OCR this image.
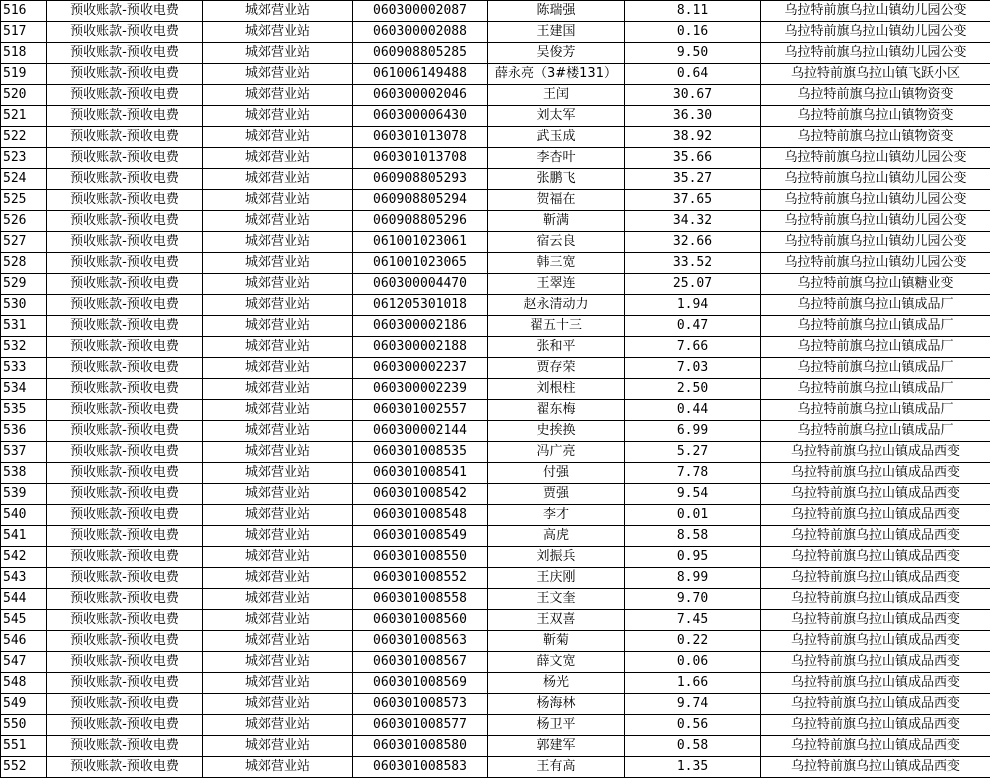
516	预收账款-预收电费	城郊营业站	060300002087	陈瑞强	8.11	乌拉特前旗乌拉山镇幼儿园公变
517	预收账款-预收电费	城郊营业站	060300002088	王建国	0.16	乌拉特前旗乌拉山镇幼儿园公变
518	预收账款-预收电费	城郊营业站	060908805285	吴俊芳	9.50	乌拉特前旗乌拉山镇幼儿园公变
519	预收账款-预收电费	城郊营业站	061006149488	薛永亮（3#楼131）	0.64	乌拉特前旗乌拉山镇飞跃小区
520	预收账款-预收电费	城郊营业站	060300002046	王闰	30.67	乌拉特前旗乌拉山镇物资变
521	预收账款-预收电费	城郊营业站	060300006430	刘太军	36.30	乌拉特前旗乌拉山镇物资变
522	预收账款-预收电费	城郊营业站	060301013078	武玉成	38.92	乌拉特前旗乌拉山镇物资变
523	预收账款-预收电费	城郊营业站	060301013708	李杏叶	35.66	乌拉特前旗乌拉山镇幼儿园公变
524	预收账款-预收电费	城郊营业站	060908805293	张鹏飞	35.27	乌拉特前旗乌拉山镇幼儿园公变
525	预收账款-预收电费	城郊营业站	060908805294	贺福在	37.65	乌拉特前旗乌拉山镇幼儿园公变
526	预收账款-预收电费	城郊营业站	060908805296	靳满	34.32	乌拉特前旗乌拉山镇幼儿园公变
527	预收账款-预收电费	城郊营业站	061001023061	宿云良	32.66	乌拉特前旗乌拉山镇幼儿园公变
528	预收账款-预收电费	城郊营业站	061001023065	韩三宽	33.52	乌拉特前旗乌拉山镇幼儿园公变
529	预收账款-预收电费	城郊营业站	060300004470	王翠连	25.07	乌拉特前旗乌拉山镇糖业变
530	预收账款-预收电费	城郊营业站	061205301018	赵永清动力	1.94	乌拉特前旗乌拉山镇成品厂
531	预收账款-预收电费	城郊营业站	060300002186	翟五十三	0.47	乌拉特前旗乌拉山镇成品厂
532	预收账款-预收电费	城郊营业站	060300002188	张和平	7.66	乌拉特前旗乌拉山镇成品厂
533	预收账款-预收电费	城郊营业站	060300002237	贾存荣	7.03	乌拉特前旗乌拉山镇成品厂
534	预收账款-预收电费	城郊营业站	060300002239	刘根柱	2.50	乌拉特前旗乌拉山镇成品厂
535	预收账款-预收电费	城郊营业站	060301002557	翟东梅	0.44	乌拉特前旗乌拉山镇成品厂
536	预收账款-预收电费	城郊营业站	060300002144	史挨换	6.99	乌拉特前旗乌拉山镇成品厂
537	预收账款-预收电费	城郊营业站	060301008535	冯广亮	5.27	乌拉特前旗乌拉山镇成品西变
538	预收账款-预收电费	城郊营业站	060301008541	付强	7.78	乌拉特前旗乌拉山镇成品西变
539	预收账款-预收电费	城郊营业站	060301008542	贾强	9.54	乌拉特前旗乌拉山镇成品西变
540	预收账款-预收电费	城郊营业站	060301008548	李才	0.01	乌拉特前旗乌拉山镇成品西变
541	预收账款-预收电费	城郊营业站	060301008549	高虎	8.58	乌拉特前旗乌拉山镇成品西变
542	预收账款-预收电费	城郊营业站	060301008550	刘振兵	0.95	乌拉特前旗乌拉山镇成品西变
543	预收账款-预收电费	城郊营业站	060301008552	王庆刚	8.99	乌拉特前旗乌拉山镇成品西变
544	预收账款-预收电费	城郊营业站	060301008558	王文奎	9.70	乌拉特前旗乌拉山镇成品西变
545	预收账款-预收电费	城郊营业站	060301008560	王双喜	7.45	乌拉特前旗乌拉山镇成品西变
546	预收账款-预收电费	城郊营业站	060301008563	靳菊	0.22	乌拉特前旗乌拉山镇成品西变
547	预收账款-预收电费	城郊营业站	060301008567	薛文宽	0.06	乌拉特前旗乌拉山镇成品西变
548	预收账款-预收电费	城郊营业站	060301008569	杨光	1.66	乌拉特前旗乌拉山镇成品西变
549	预收账款-预收电费	城郊营业站	060301008573	杨海林	9.74	乌拉特前旗乌拉山镇成品西变
550	预收账款-预收电费	城郊营业站	060301008577	杨卫平	0.56	乌拉特前旗乌拉山镇成品西变
551	预收账款-预收电费	城郊营业站	060301008580	郭建军	0.58	乌拉特前旗乌拉山镇成品西变
552	预收账款-预收电费	城郊营业站	060301008583	王有高	1.35	乌拉特前旗乌拉山镇成品西变
